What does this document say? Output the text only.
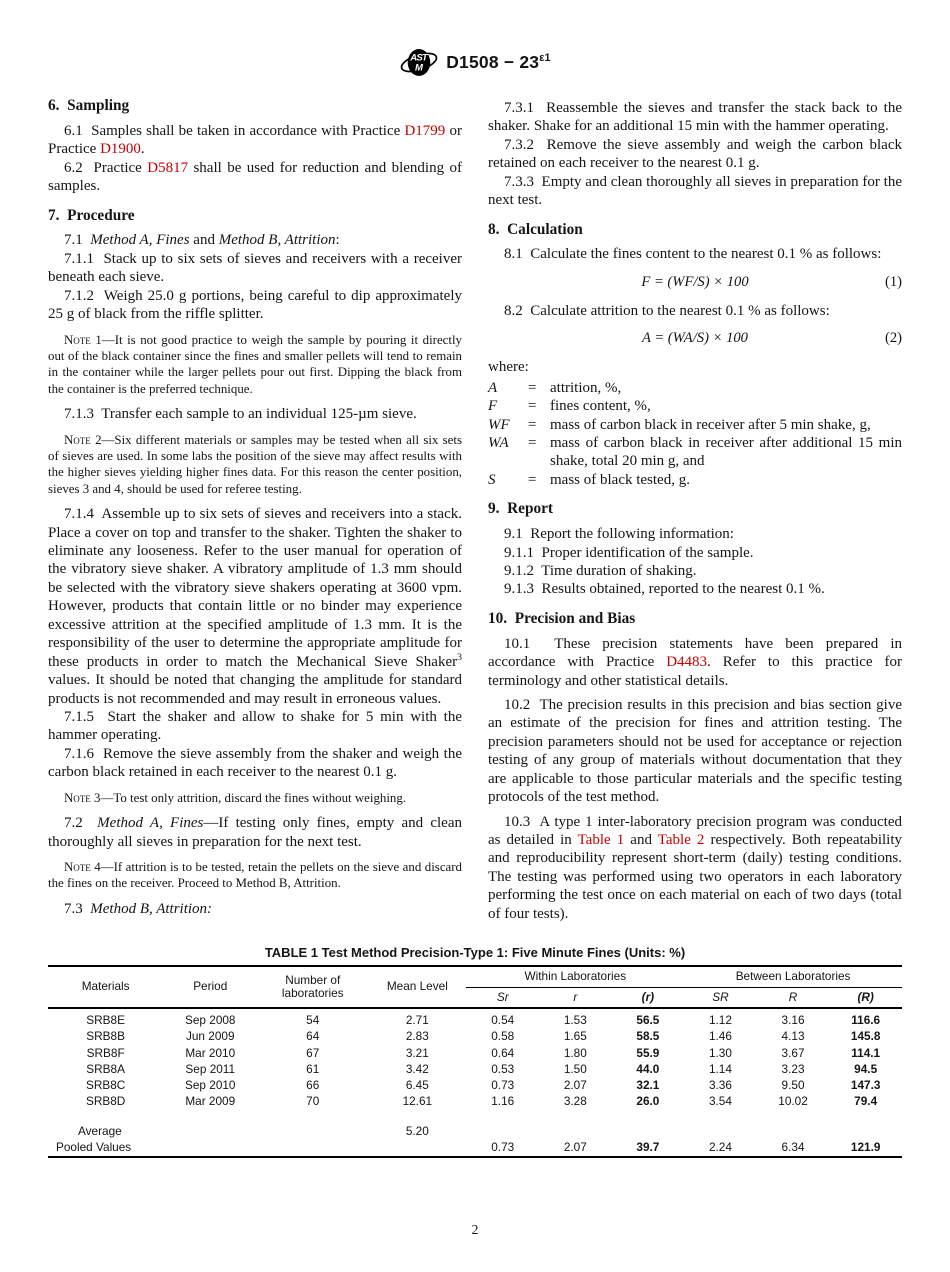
AST
M $D1508 - 23^{\varepsilon 1}$
6.  Sampling

6.1  Samples shall be taken in accordance with Practice D1799 or Practice D1900.

6.2  Practice D5817 shall be used for reduction and blending of samples.

7.  Procedure

7.1  Method A, Fines and Method B, Attrition:

7.1.1  Stack up to six sets of sieves and receivers with a receiver beneath each sieve.

7.1.2  Weigh 25.0 g portions, being careful to dip approximately 25 g of black from the riffle splitter.

Note 1—It is not good practice to weigh the sample by pouring it directly out of the black container since the fines and smaller pellets will tend to remain in the container while the larger pellets pour out first. Dipping the black from the container is the preferred technique.

7.1.3  Transfer each sample to an individual 125-µm sieve.

Note 2—Six different materials or samples may be tested when all six sets of sieves are used. In some labs the position of the sieve may affect results with the higher sieves yielding higher fines data. For this reason the center position, sieves 3 and 4, should be used for referee testing.

7.1.4  Assemble up to six sets of sieves and receivers into a stack. Place a cover on top and transfer to the shaker. Tighten the shaker to eliminate any looseness. Refer to the user manual for operation of the vibratory sieve shaker. A vibratory amplitude of 1.3 mm should be selected with the vibratory sieve shakers operating at 3600 vpm. However, products that contain little or no binder may experience excessive attrition at the specified amplitude of 1.3 mm. It is the responsibility of the user to determine the appropriate amplitude for these products in order to match the Mechanical Sieve Shaker$^3$ values. It should be noted that changing the amplitude for standard products is not recommended and may result in erroneous values.

7.1.5  Start the shaker and allow to shake for 5 min with the hammer operating.

7.1.6  Remove the sieve assembly from the shaker and weigh the carbon black retained in each receiver to the nearest 0.1 g.

Note 3—To test only attrition, discard the fines without weighing.

7.2  Method A, Fines—If testing only fines, empty and clean thoroughly all sieves in preparation for the next test.

Note 4—If attrition is to be tested, retain the pellets on the sieve and discard the fines on the receiver. Proceed to Method B, Attrition.

7.3  Method B, Attrition:

7.3.1  Reassemble the sieves and transfer the stack back to the shaker. Shake for an additional 15 min with the hammer operating.

7.3.2  Remove the sieve assembly and weigh the carbon black retained on each receiver to the nearest 0.1 g.

7.3.3  Empty and clean thoroughly all sieves in preparation for the next test.

8.  Calculation

8.1  Calculate the fines content to the nearest 0.1 % as follows:

F = (WF/S) × 100	(1)

8.2  Calculate attrition to the nearest 0.1 % as follows:

A = (WA/S) × 100	(2)

where:

A	= attrition, %,
F	= fines content, %,
WF	= mass of carbon black in receiver after 5 min shake, g,
WA	= mass of carbon black in receiver after additional 15 min shake, total 20 min g, and
S	= mass of black tested, g.
9.  Report

9.1  Report the following information:

9.1.1  Proper identification of the sample.

9.1.2  Time duration of shaking.

9.1.3  Results obtained, reported to the nearest 0.1 %.

10.  Precision and Bias

10.1  These precision statements have been prepared in accordance with Practice D4483. Refer to this practice for terminology and other statistical details.

10.2  The precision results in this precision and bias section give an estimate of the precision for fines and attrition testing. The precision parameters should not be used for acceptance or rejection testing of any group of materials without documentation that they are applicable to those particular materials and the specific testing protocols of the test method.

10.3  A type 1 inter-laboratory precision program was conducted as detailed in Table 1 and Table 2 respectively. Both repeatability and reproducibility represent short-term (daily) testing conditions. The testing was performed using two operators in each laboratory performing the test once on each material on each of two days (total of four tests).

TABLE 1 Test Method Precision-Type 1: Five Minute Fines (Units: %)

Materials	Period	Number of laboratories	Mean Level	Within Laboratories			Between Laboratories		
				Sr	r	(r)	SR	R	(R)
SRB8E	Sep 2008	54	2.71	0.54	1.53	56.5	1.12	3.16	116.6
SRB8B	Jun 2009	64	2.83	0.58	1.65	58.5	1.46	4.13	145.8
SRB8F	Mar 2010	67	3.21	0.64	1.80	55.9	1.30	3.67	114.1
SRB8A	Sep 2011	61	3.42	0.53	1.50	44.0	1.14	3.23	94.5
SRB8C	Sep 2010	66	6.45	0.73	2.07	32.1	3.36	9.50	147.3
SRB8D	Mar 2009	70	12.61	1.16	3.28	26.0	3.54	10.02	79.4

Average			5.20						
Pooled Values				0.73	2.07	39.7	2.24	6.34	121.9
2
